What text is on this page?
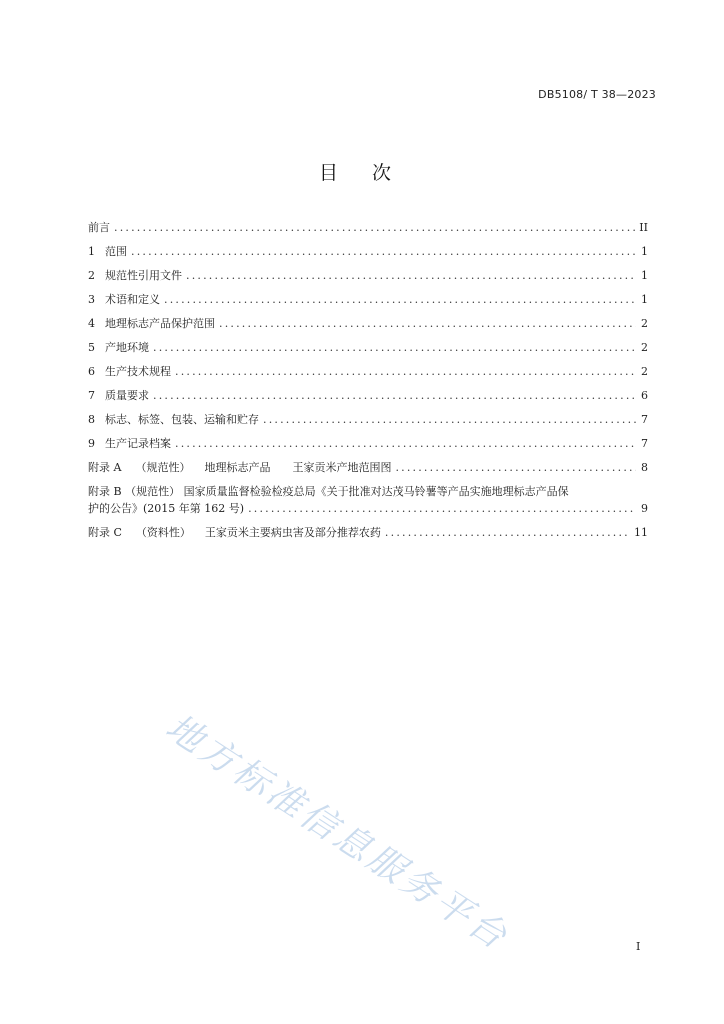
DB5108/ T 38—2023
目 次
前言 .....	II
1 范围 .....	1
2 规范性引用文件 .....	1
3 术语和定义 .....	1
4 地理标志产品保护范围 .....	2
5 产地环境 .....	2
6 生产技术规程 .....	2
7 质量要求 .....	6
8 标志、标签、包装、运输和贮存 .....	7
9 生产记录档案 .....	7
附录 A （规范性） 地理标志产品 王家贡米产地范围图 .....	8
附录 B （规范性） 国家质量监督检验检疫总局《关于批准对达茂马铃薯等产品实施地理标志产品保
护的公告》(2015 年第 162 号) .....	9
附录 C （资料性） 王家贡米主要病虫害及部分推荐农药 .....	11
地方标准信息服务平台	I
